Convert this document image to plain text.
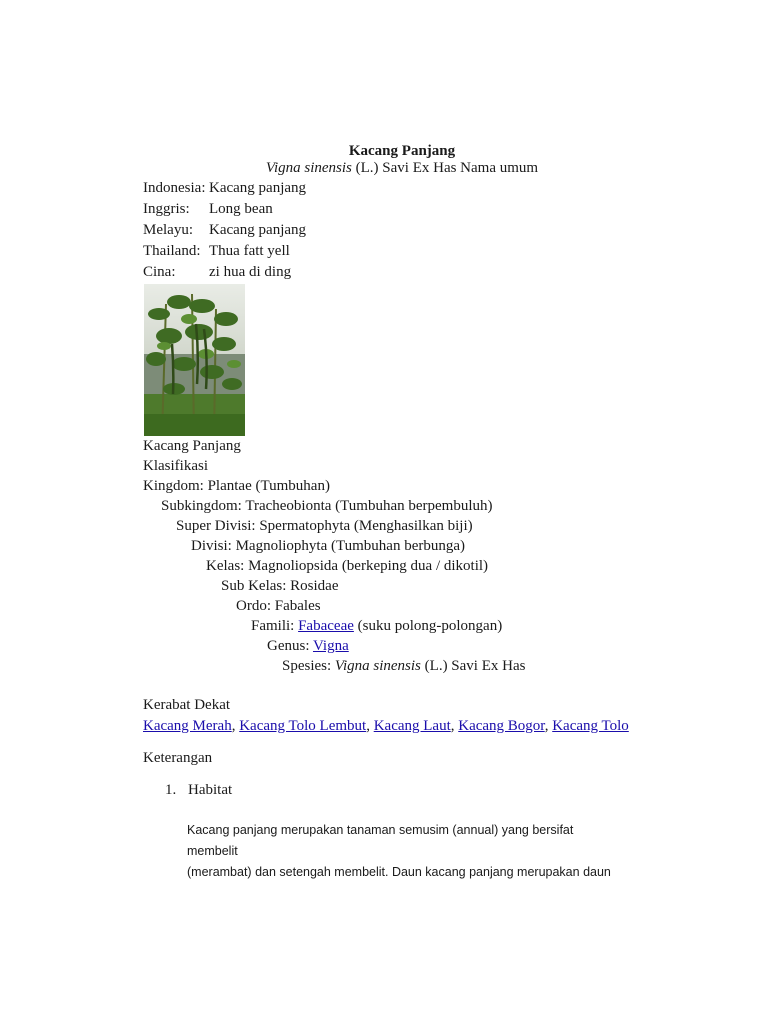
Kacang Panjang
Vigna sinensis (L.) Savi Ex Has Nama umum
Indonesia: Kacang panjang
Inggris:	Long bean
Melayu:	Kacang panjang
Thailand: Thua fatt yell
Cina:	zi hua di ding
Kacang Panjang
Klasifikasi
Kingdom: Plantae (Tumbuhan)
Subkingdom: Tracheobionta (Tumbuhan berpembuluh)
Super Divisi: Spermatophyta (Menghasilkan biji)
Divisi: Magnoliophyta (Tumbuhan berbunga)
Kelas: Magnoliopsida (berkeping dua / dikotil)
Sub Kelas: Rosidae
Ordo: Fabales
Famili: Fabaceae (suku polong-polongan)
Genus: Vigna
Spesies: Vigna sinensis (L.) Savi Ex Has
Kerabat Dekat
Kacang Merah, Kacang Tolo Lembut, Kacang Laut, Kacang Bogor, Kacang Tolo
Keterangan
1. Habitat
Kacang panjang merupakan tanaman semusim (annual) yang bersifat
membelit
(merambat) dan setengah membelit. Daun kacang panjang merupakan daun
